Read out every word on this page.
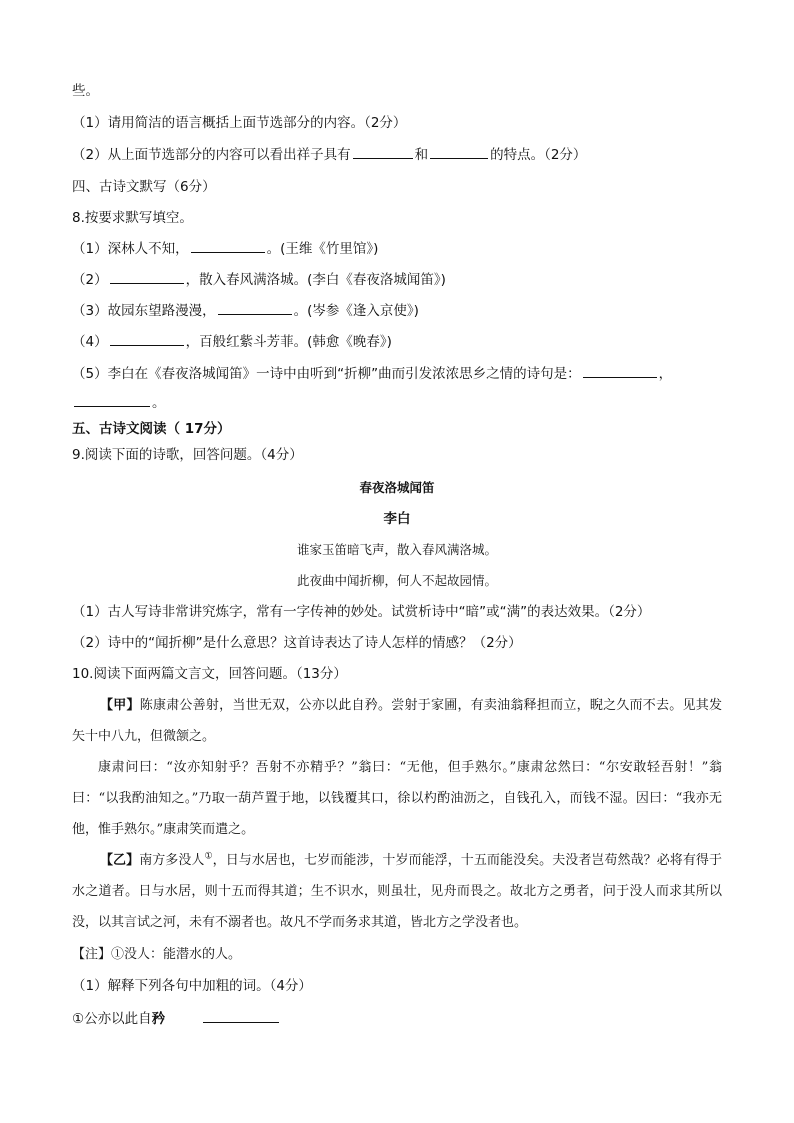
些。
（1）请用简洁的语言概括上面节选部分的内容。（2分）
（2）从上面节选部分的内容可以看出祥子具有	和	的特点。（2分）
四、古诗文默写（6分）
8.按要求默写填空。
（1）深林人不知，	。(王维《竹里馆》)
（2）	，散入春风满洛城。(李白《春夜洛城闻笛》)
（3）故园东望路漫漫，	。(岑参《逢入京使》)
（4）	，百般红紫斗芳菲。(韩愈《晚春》)
（5）李白在《春夜洛城闻笛》一诗中由听到“折柳”曲而引发浓浓思乡之情的诗句是：	，
。
五、古诗文阅读（ 17分）
9.阅读下面的诗歌，回答问题。（4分）
春夜洛城闻笛
李白
谁家玉笛暗飞声，散入春风满洛城。
此夜曲中闻折柳，何人不起故园情。
（1）古人写诗非常讲究炼字，常有一字传神的妙处。试赏析诗中“暗”或“满”的表达效果。（2分）
（2）诗中的“闻折柳”是什么意思？这首诗表达了诗人怎样的情感？（2分）
10.阅读下面两篇文言文，回答问题。（13分）
【甲】陈康肃公善射，当世无双，公亦以此自矜。尝射于家圃，有卖油翁释担而立，睨之久而不去。见其发矢十中八九，但微颔之。
康肃问曰：“汝亦知射乎？吾射不亦精乎？”翁曰：“无他，但手熟尔。”康肃忿然曰：“尔安敢轻吾射！”翁曰：“以我酌油知之。”乃取一葫芦置于地，以钱覆其口，徐以杓酌油沥之，自钱孔入，而钱不湿。因曰：“我亦无他，惟手熟尔。”康肃笑而遣之。
【乙】南方多没人①，日与水居也，七岁而能涉，十岁而能浮，十五而能没矣。夫没者岂苟然哉？必将有得于水之道者。日与水居，则十五而得其道；生不识水，则虽壮，见舟而畏之。故北方之勇者，问于没人而求其所以没，以其言试之河，未有不溺者也。故凡不学而务求其道，皆北方之学没者也。
【注】①没人：能潜水的人。
（1）解释下列各句中加粗的词。（4分）
①公亦以此自矜
